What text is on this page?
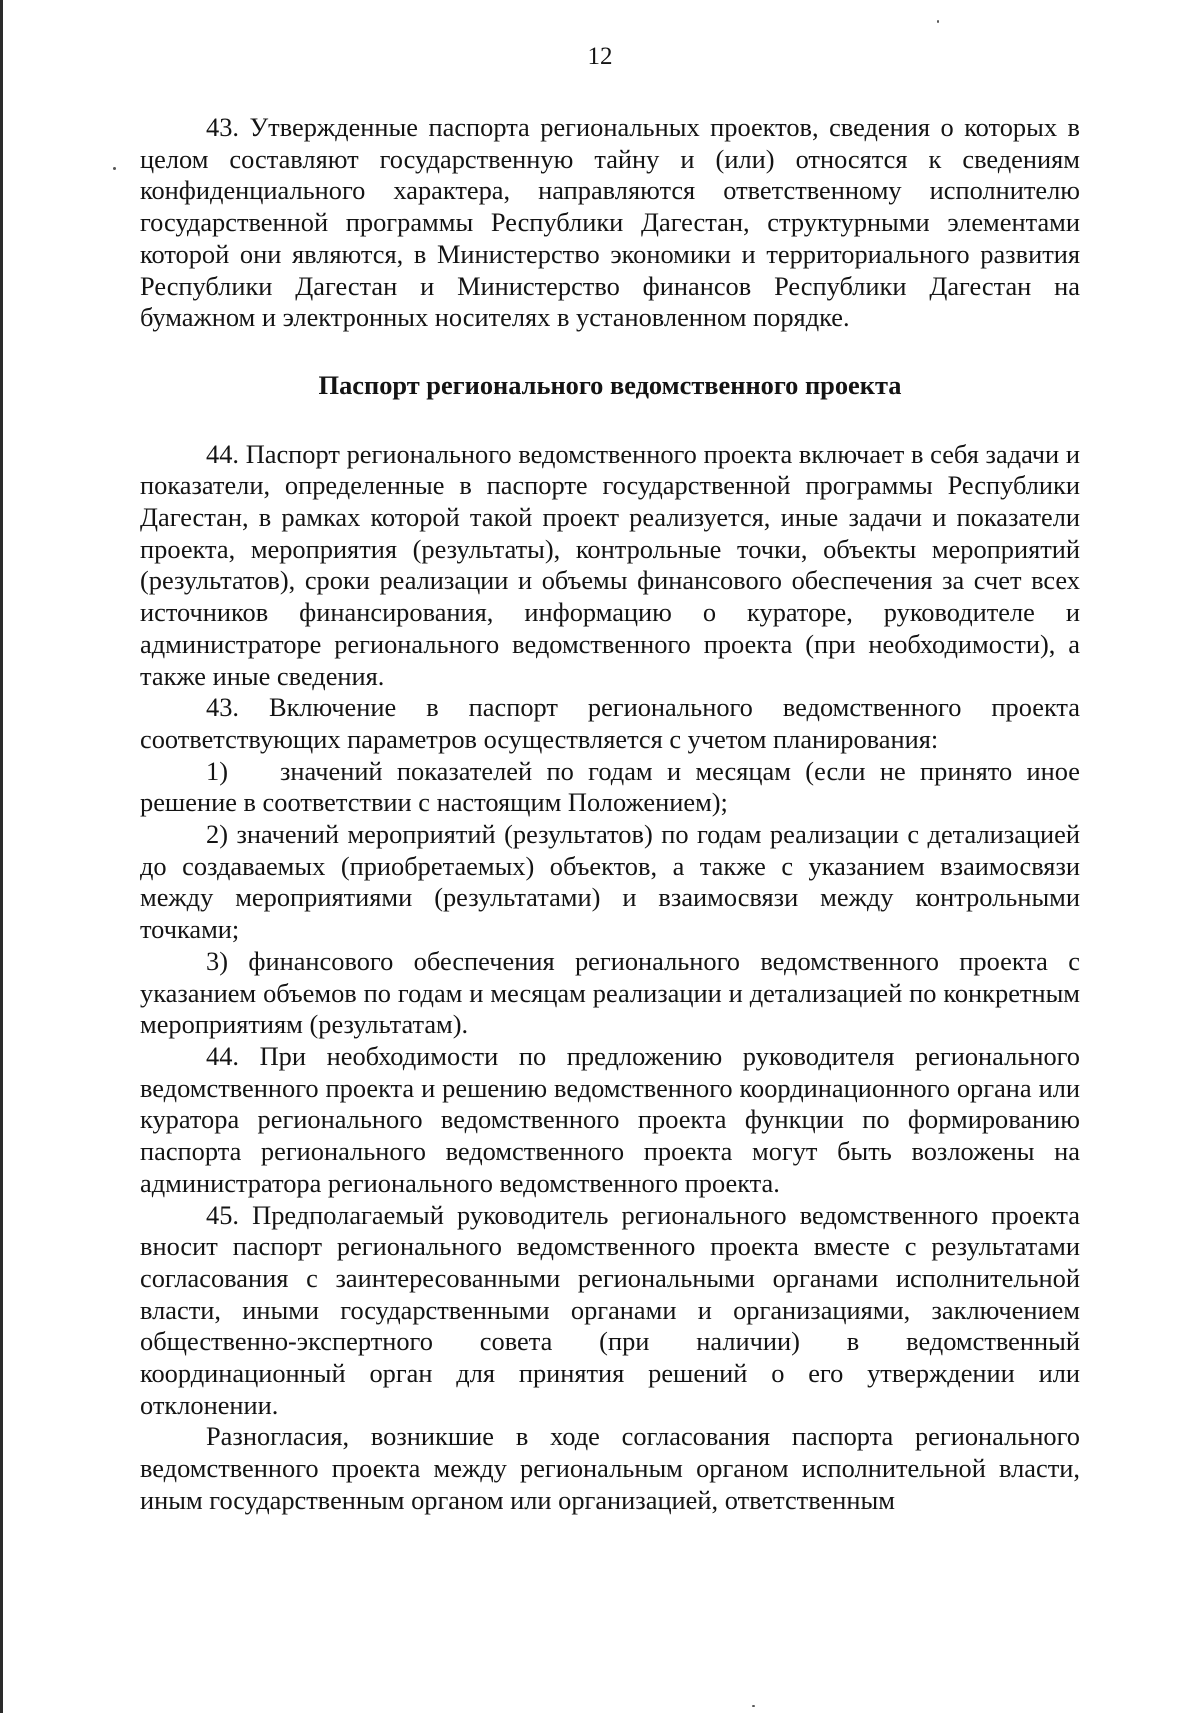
12

43. Утвержденные паспорта региональных проектов, сведения о которых в целом составляют государственную тайну и (или) относятся к сведениям конфиденциального характера, направляются ответственному исполнителю государственной программы Республики Дагестан, структурными элементами которой они являются, в Министерство экономики и территориального развития Республики Дагестан и Министерство финансов Республики Дагестан на бумажном и электронных носителях в установленном порядке.

Паспорт регионального ведомственного проекта

44. Паспорт регионального ведомственного проекта включает в себя задачи и показатели, определенные в паспорте государственной программы Республики Дагестан, в рамках которой такой проект реализуется, иные задачи и показатели проекта, мероприятия (результаты), контрольные точки, объекты мероприятий (результатов), сроки реализации и объемы финансового обеспечения за счет всех источников финансирования, информацию о кураторе, руководителе и администраторе регионального ведомственного проекта (при необходимости), а также иные сведения.

43. Включение в паспорт регионального ведомственного проекта соответствующих параметров осуществляется с учетом планирования:

1) значений показателей по годам и месяцам (если не принято иное решение в соответствии с настоящим Положением);

2) значений мероприятий (результатов) по годам реализации с детализацией до создаваемых (приобретаемых) объектов, а также с указанием взаимосвязи между мероприятиями (результатами) и взаимосвязи между контрольными точками;

3) финансового обеспечения регионального ведомственного проекта с указанием объемов по годам и месяцам реализации и детализацией по конкретным мероприятиям (результатам).

44. При необходимости по предложению руководителя регионального ведомственного проекта и решению ведомственного координационного органа или куратора регионального ведомственного проекта функции по формированию паспорта регионального ведомственного проекта могут быть возложены на администратора регионального ведомственного проекта.

45. Предполагаемый руководитель регионального ведомственного проекта вносит паспорт регионального ведомственного проекта вместе с результатами согласования с заинтересованными региональными органами исполнительной власти, иными государственными органами и организациями, заключением общественно-экспертного совета (при наличии) в ведомственный координационный орган для принятия решений о его утверждении или отклонении.

Разногласия, возникшие в ходе согласования паспорта регионального ведомственного проекта между региональным органом исполнительной власти, иным государственным органом или организацией, ответственным
